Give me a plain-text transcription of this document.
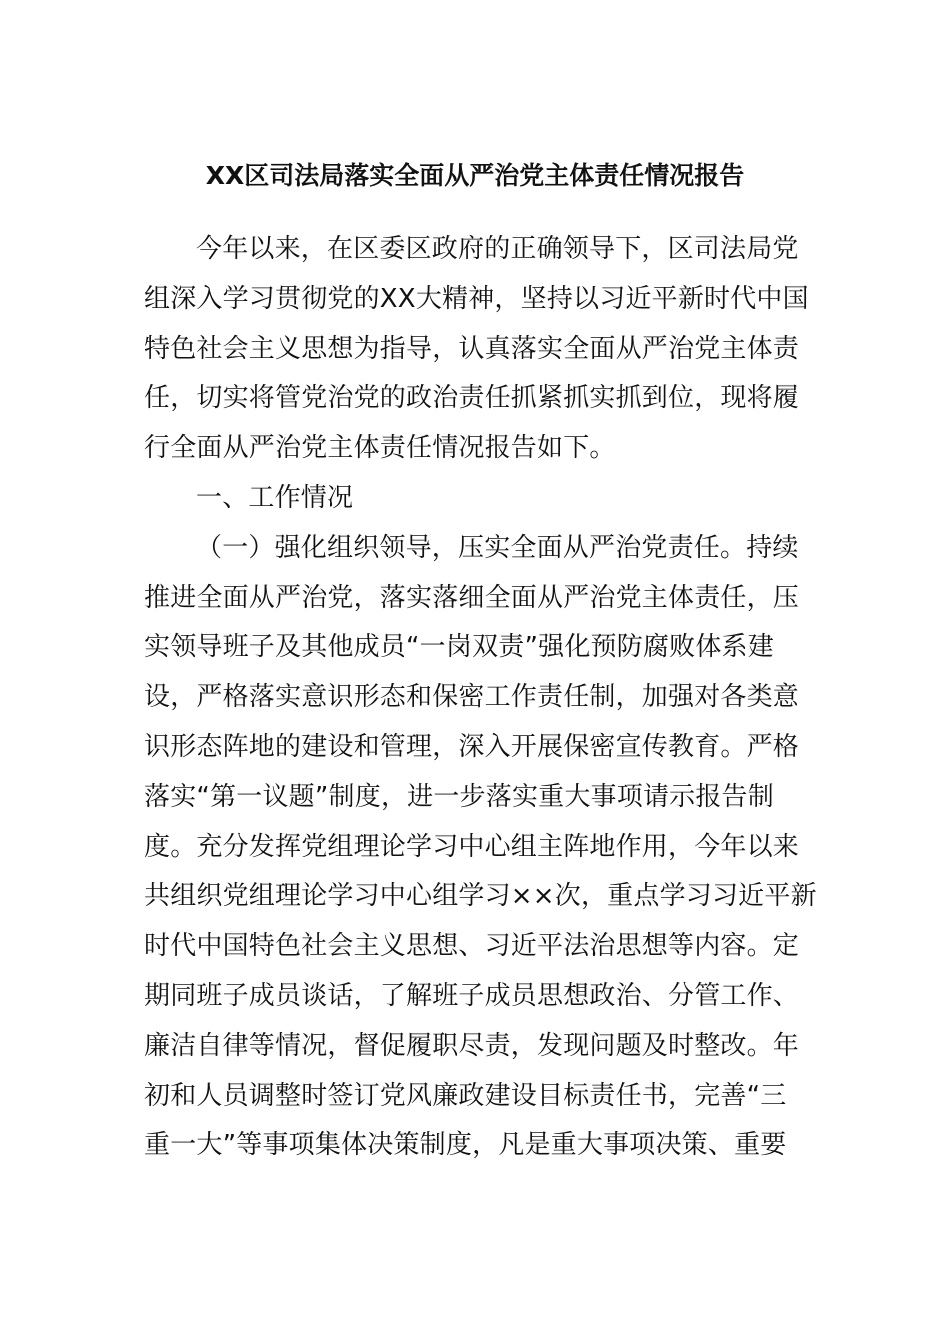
XX区司法局落实全面从严治党主体责任情况报告
今年以来，在区委区政府的正确领导下，区司法局党
组深入学习贯彻党的XX大精神，坚持以习近平新时代中国
特色社会主义思想为指导，认真落实全面从严治党主体责
任，切实将管党治党的政治责任抓紧抓实抓到位，现将履
行全面从严治党主体责任情况报告如下。
一、工作情况
（一）强化组织领导，压实全面从严治党责任。持续
推进全面从严治党，落实落细全面从严治党主体责任，压
实领导班子及其他成员“一岗双责”强化预防腐败体系建
设，严格落实意识形态和保密工作责任制，加强对各类意
识形态阵地的建设和管理，深入开展保密宣传教育。严格
落实“第一议题”制度，进一步落实重大事项请示报告制
度。充分发挥党组理论学习中心组主阵地作用，今年以来
共组织党组理论学习中心组学习××次，重点学习习近平新
时代中国特色社会主义思想、习近平法治思想等内容。定
期同班子成员谈话，了解班子成员思想政治、分管工作、
廉洁自律等情况，督促履职尽责，发现问题及时整改。年
初和人员调整时签订党风廉政建设目标责任书，完善“三
重一大”等事项集体决策制度，凡是重大事项决策、重要
